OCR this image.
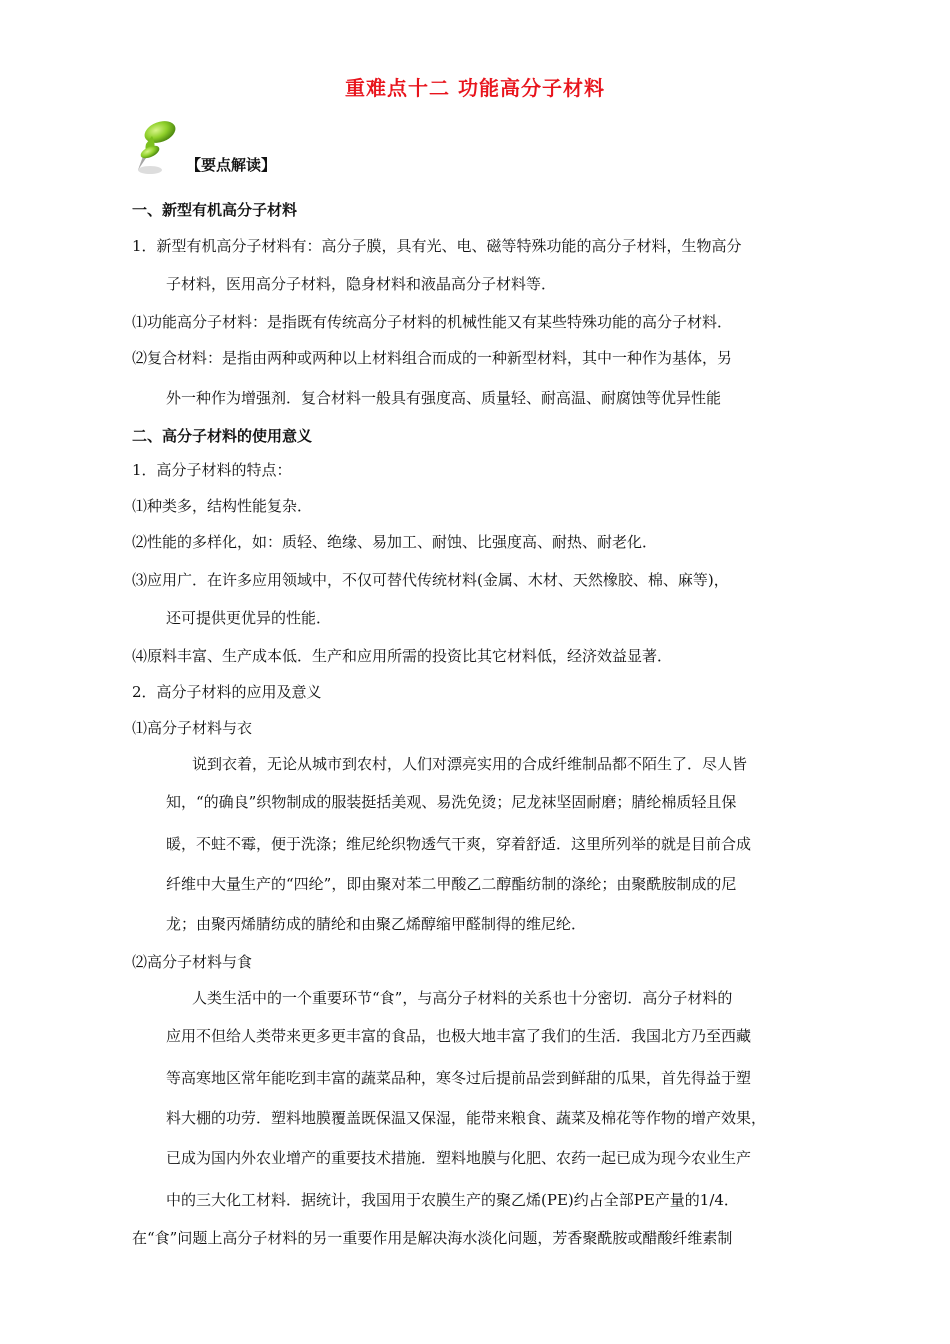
重难点十二 功能高分子材料
【要点解读】
一、新型有机高分子材料
1．新型有机高分子材料有：高分子膜，具有光、电、磁等特殊功能的高分子材料，生物高分
子材料，医用高分子材料，隐身材料和液晶高分子材料等．
⑴功能高分子材料：是指既有传统高分子材料的机械性能又有某些特殊功能的高分子材料．
⑵复合材料：是指由两种或两种以上材料组合而成的一种新型材料，其中一种作为基体，另
外一种作为增强剂．复合材料一般具有强度高、质量轻、耐高温、耐腐蚀等优异性能
二、高分子材料的使用意义
1．高分子材料的特点：
⑴种类多，结构性能复杂．
⑵性能的多样化，如：质轻、绝缘、易加工、耐蚀、比强度高、耐热、耐老化．
⑶应用广．在许多应用领域中，不仅可替代传统材料(金属、木材、天然橡胶、棉、麻等)，
还可提供更优异的性能．
⑷原料丰富、生产成本低．生产和应用所需的投资比其它材料低，经济效益显著．
2．高分子材料的应用及意义
⑴高分子材料与衣
说到衣着，无论从城市到农村，人们对漂亮实用的合成纤维制品都不陌生了．尽人皆
知，“的确良”织物制成的服装挺括美观、易洗免烫；尼龙袜坚固耐磨；腈纶棉质轻且保
暖，不蛀不霉，便于洗涤；维尼纶织物透气干爽，穿着舒适．这里所列举的就是目前合成
纤维中大量生产的“四纶”，即由聚对苯二甲酸乙二醇酯纺制的涤纶；由聚酰胺制成的尼
龙；由聚丙烯腈纺成的腈纶和由聚乙烯醇缩甲醛制得的维尼纶．
⑵高分子材料与食
人类生活中的一个重要环节“食”，与高分子材料的关系也十分密切．高分子材料的
应用不但给人类带来更多更丰富的食品，也极大地丰富了我们的生活．我国北方乃至西藏
等高寒地区常年能吃到丰富的蔬菜品种，寒冬过后提前品尝到鲜甜的瓜果，首先得益于塑
料大棚的功劳．塑料地膜覆盖既保温又保湿，能带来粮食、蔬菜及棉花等作物的增产效果，
已成为国内外农业增产的重要技术措施．塑料地膜与化肥、农药一起已成为现今农业生产
中的三大化工材料．据统计，我国用于农膜生产的聚乙烯(PE)约占全部PE产量的1/4．
在“食”问题上高分子材料的另一重要作用是解决海水淡化问题，芳香聚酰胺或醋酸纤维素制
